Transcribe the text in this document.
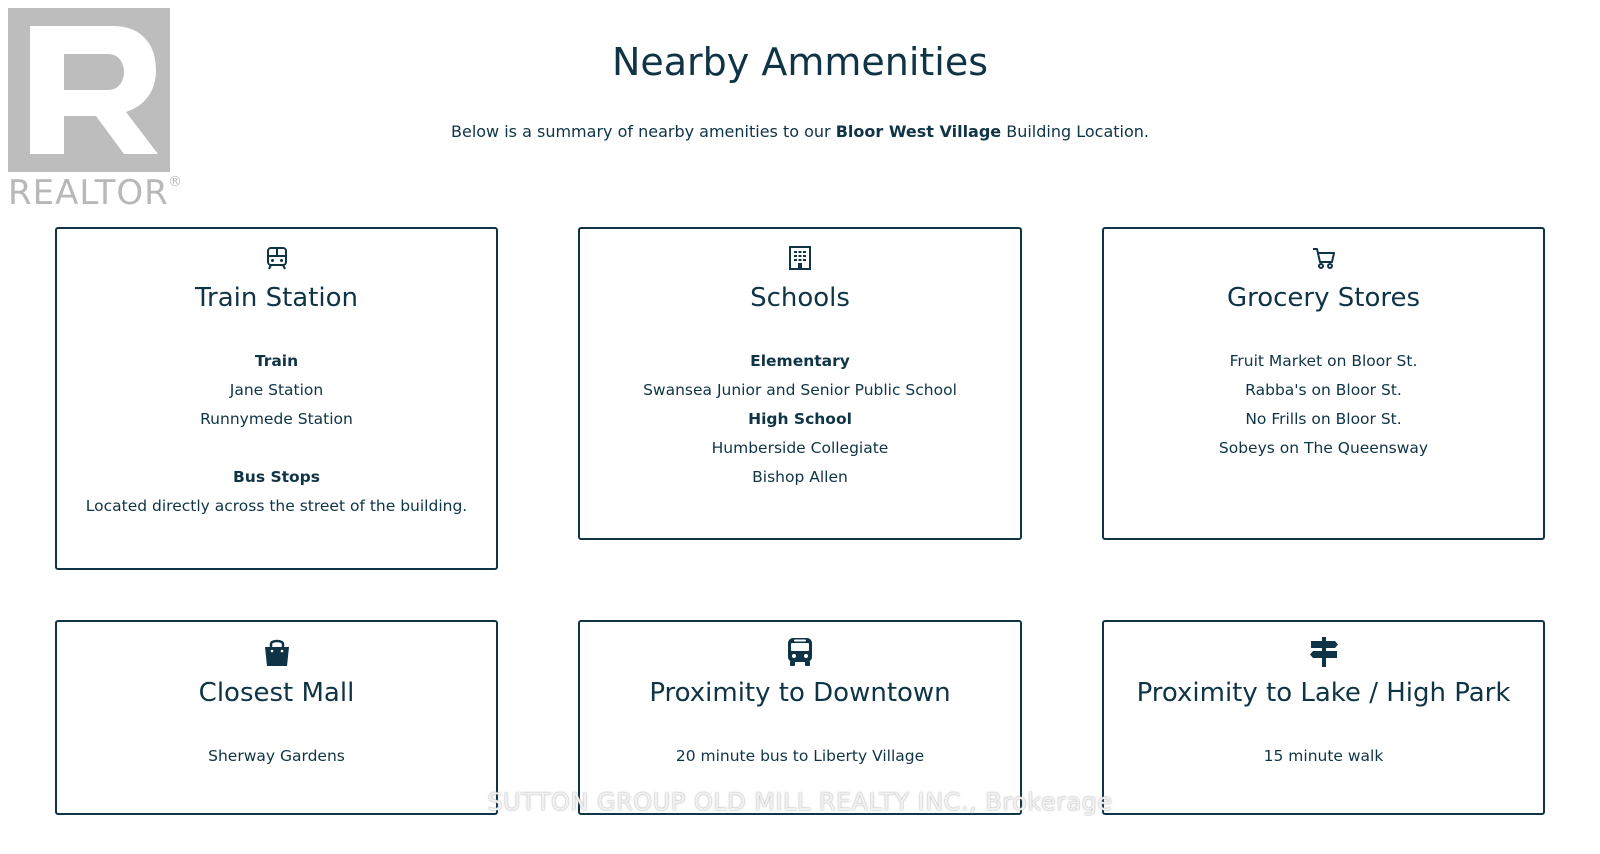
REALTOR ®
Nearby Ammenities
Below is a summary of nearby amenities to our Bloor West Village Building Location.
Train Station
Train
Jane Station
Runnymede Station
Bus Stops
Located directly across the street of the building.
Schools
Elementary
Swansea Junior and Senior Public School
High School
Humberside Collegiate
Bishop Allen
Grocery Stores
Fruit Market on Bloor St.
Rabba's on Bloor St.
No Frills on Bloor St.
Sobeys on The Queensway
Closest Mall
Sherway Gardens
Proximity to Downtown
20 minute bus to Liberty Village
Proximity to Lake / High Park
15 minute walk
SUTTON GROUP OLD MILL REALTY INC., Brokerage
